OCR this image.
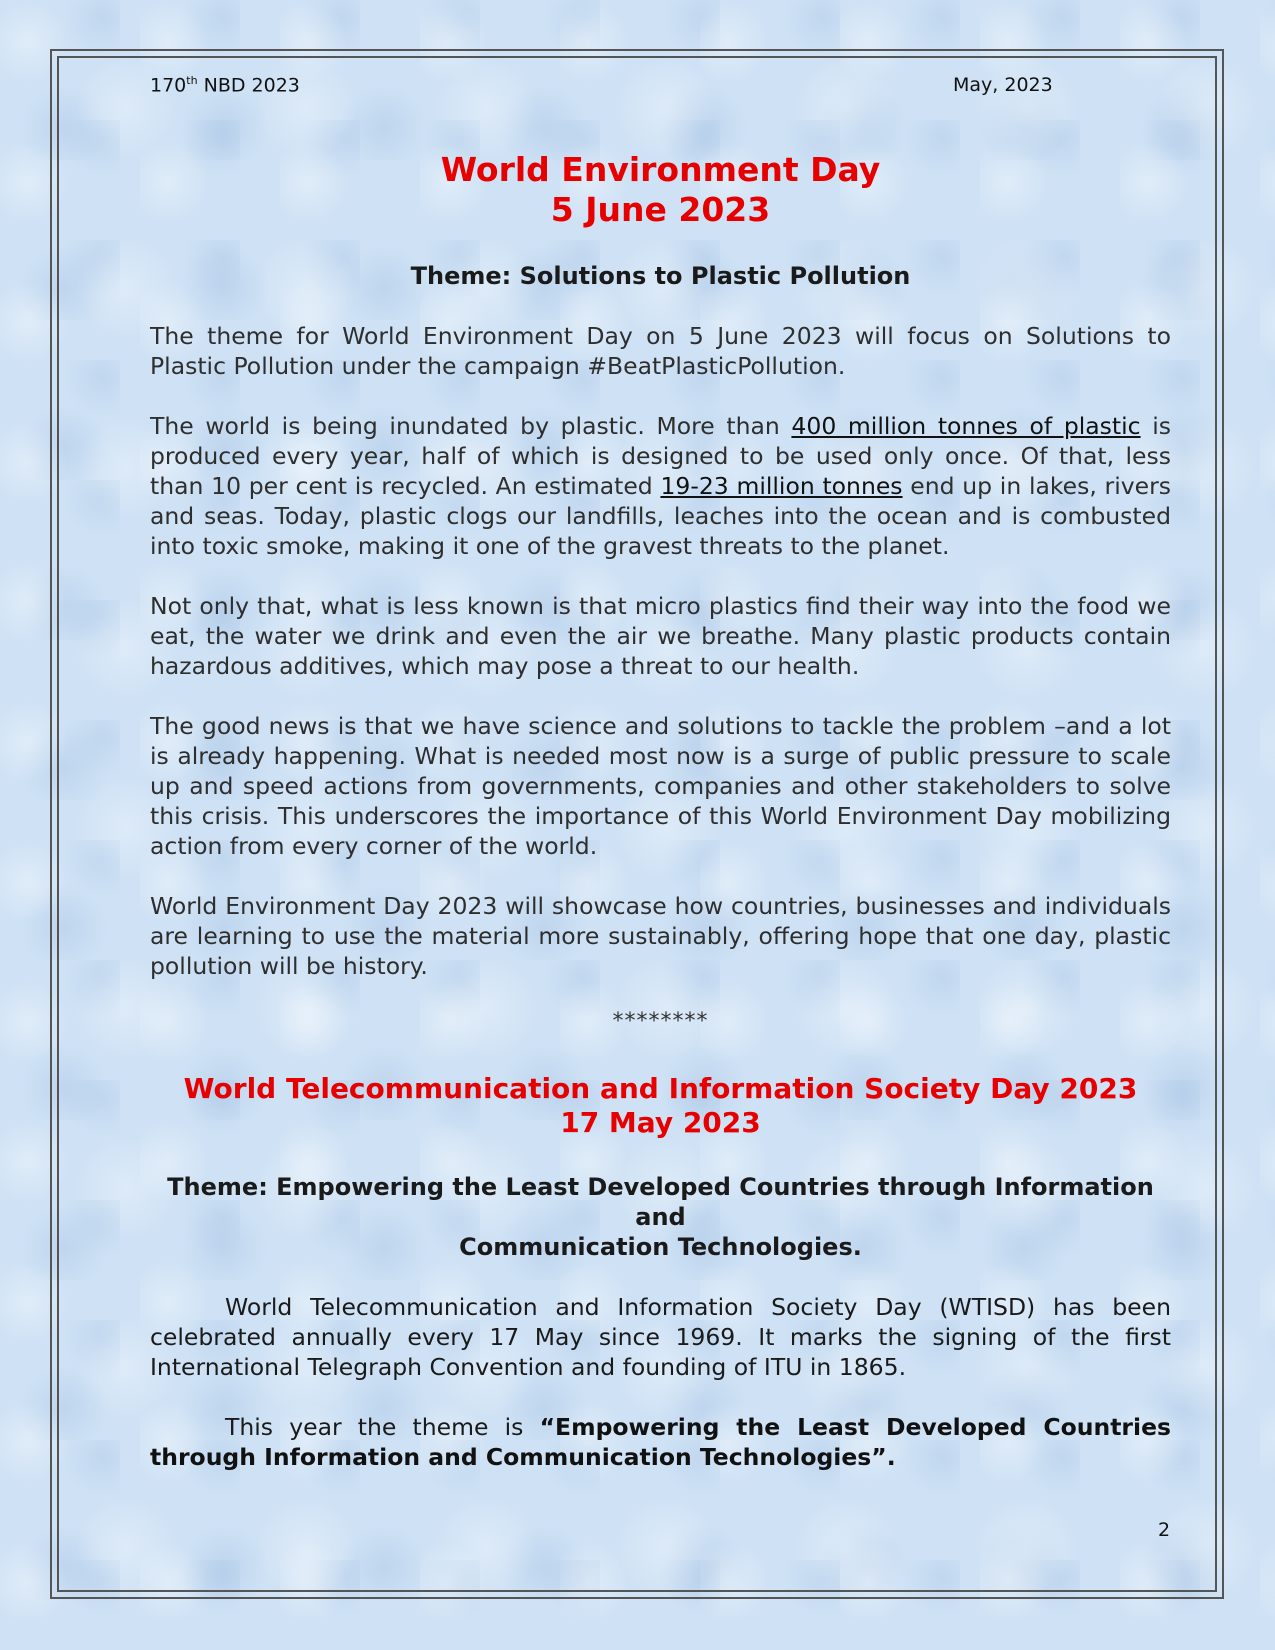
170th NBD 2023	May, 2023
World Environment Day
5 June 2023

Theme: Solutions to Plastic Pollution

The theme for World Environment Day on 5 June 2023 will focus on Solutions to Plastic Pollution under the campaign #BeatPlasticPollution.

The world is being inundated by plastic. More than 400 million tonnes of plastic is produced every year, half of which is designed to be used only once. Of that, less than 10 per cent is recycled. An estimated 19-23 million tonnes end up in lakes, rivers and seas. Today, plastic clogs our landfills, leaches into the ocean and is combusted into toxic smoke, making it one of the gravest threats to the planet.

Not only that, what is less known is that micro plastics find their way into the food we eat, the water we drink and even the air we breathe. Many plastic products contain hazardous additives, which may pose a threat to our health.

The good news is that we have science and solutions to tackle the problem –and a lot is already happening. What is needed most now is a surge of public pressure to scale up and speed actions from governments, companies and other stakeholders to solve this crisis. This underscores the importance of this World Environment Day mobilizing action from every corner of the world.

World Environment Day 2023 will showcase how countries, businesses and individuals are learning to use the material more sustainably, offering hope that one day, plastic pollution will be history.

********

World Telecommunication and Information Society Day 2023
17 May 2023

Theme: Empowering the Least Developed Countries through Information and
Communication Technologies.

World Telecommunication and Information Society Day (WTISD) has been celebrated annually every 17 May since 1969. It marks the signing of the first International Telegraph Convention and founding of ITU in 1865.

This year the theme is “Empowering the Least Developed Countries through Information and Communication Technologies”.

2
